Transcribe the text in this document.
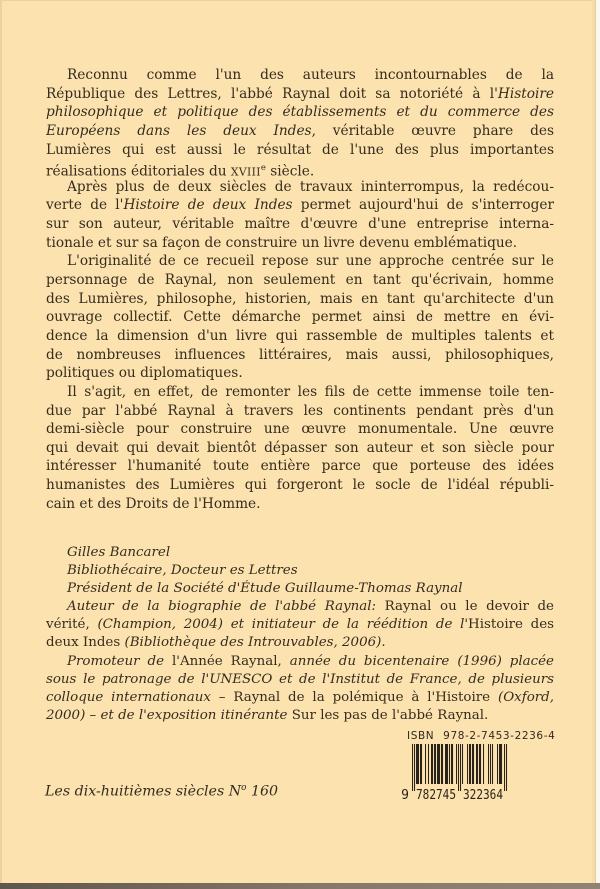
Reconnu comme l'un des auteurs incontournables de la
République des Lettres, l'abbé Raynal doit sa notoriété à l'Histoire
philosophique et politique des établissements et du commerce des
Européens dans les deux Indes, véritable œuvre phare des
Lumières qui est aussi le résultat de l'une des plus importantes
réalisations éditoriales du XVIIIe siècle.
Après plus de deux siècles de travaux ininterrompus, la redécou-
verte de l'Histoire de deux Indes permet aujourd'hui de s'interroger
sur son auteur, véritable maître d'œuvre d'une entreprise interna-
tionale et sur sa façon de construire un livre devenu emblématique.
L'originalité de ce recueil repose sur une approche centrée sur le
personnage de Raynal, non seulement en tant qu'écrivain, homme
des Lumières, philosophe, historien, mais en tant qu'architecte d'un
ouvrage collectif. Cette démarche permet ainsi de mettre en évi-
dence la dimension d'un livre qui rassemble de multiples talents et
de nombreuses influences littéraires, mais aussi, philosophiques,
politiques ou diplomatiques.
Il s'agit, en effet, de remonter les fils de cette immense toile ten-
due par l'abbé Raynal à travers les continents pendant près d'un
demi-siècle pour construire une œuvre monumentale. Une œuvre
qui devait qui devait bientôt dépasser son auteur et son siècle pour
intéresser l'humanité toute entière parce que porteuse des idées
humanistes des Lumières qui forgeront le socle de l'idéal républi-
cain et des Droits de l'Homme.
Gilles Bancarel
Bibliothécaire, Docteur es Lettres
Président de la Société d'Étude Guillaume-Thomas Raynal
Auteur de la biographie de l'abbé Raynal: Raynal ou le devoir de
vérité, (Champion, 2004) et initiateur de la réédition de l'Histoire des
deux Indes (Bibliothèque des Introuvables, 2006).
Promoteur de l'Année Raynal, année du bicentenaire (1996) placée
sous le patronage de l'UNESCO et de l'Institut de France, de plusieurs
colloque internationaux – Raynal de la polémique à l'Histoire (Oxford,
2000) – et de l'exposition itinérante Sur les pas de l'abbé Raynal.
Les dix-huitièmes siècles $N^o$ 160
ISBN 978-2-7453-2236-4
9 782745 322364
